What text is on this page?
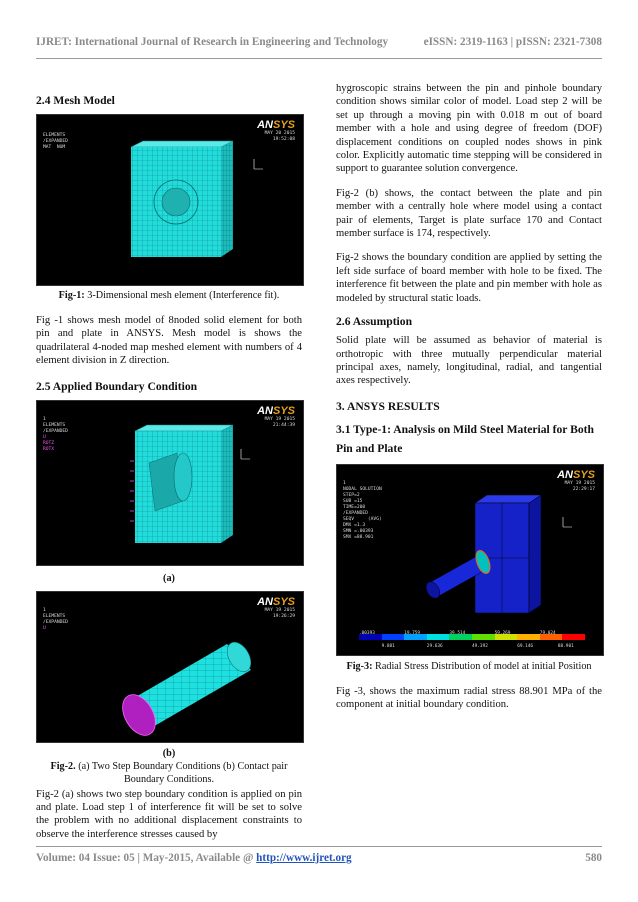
IJRET: International Journal of Research in Engineering and Technology	eISSN: 2319-1163 | pISSN: 2321-7308
2.4 Mesh Model
ANSYS

ELEMENTS
/EXPANDED
MAT  NUM

MAY 20 2015
19:52:08
Fig-1: 3-Dimensional mesh element (Interference fit).

Fig -1 shows mesh model of 8noded solid element for both pin and plate in ANSYS. Mesh model is shows the quadrilateral 4-noded map meshed element with numbers of 4 element division in Z direction.

2.5 Applied Boundary Condition
ANSYS

1
ELEMENTS
/EXPANDED
U
ROTZ
ROTX

MAY 19 2015
21:44:39
(a)
ANSYS

1
ELEMENTS
/EXPANDED
U

MAY 19 2015
19:26:29
(b)
Fig-2. (a) Two Step Boundary Conditions (b) Contact pair Boundary Conditions.

Fig-2 (a) shows two step boundary condition is applied on pin and plate. Load step 1 of interference fit will be set to solve the problem with no additional displacement constraints to observe the interference stresses caused by

hygroscopic strains between the pin and pinhole boundary condition shows similar color of model. Load step 2 will be set up through a moving pin with 0.018 m out of board member with a hole and using degree of freedom (DOF) displacement conditions on coupled nodes shows in pink color. Explicitly automatic time stepping will be considered in support to guarantee solution convergence.

Fig-2 (b) shows, the contact between the plate and pin member with a centrally hole where model using a contact pair of elements, Target is plate surface 170 and Contact member surface is 174, respectively.

Fig-2 shows the boundary condition are applied by setting the left side surface of board member with hole to be fixed. The interference fit between the plate and pin member with hole as modeled by structural static loads.

2.6 Assumption

Solid plate will be assumed as behavior of material is orthotropic with three mutually perpendicular material principal axes, namely, longitudinal, radial, and tangential axes respectively.

3. ANSYS RESULTS
3.1 Type-1: Analysis on Mild Steel Material for Both Pin and Plate
ANSYS

1
NODAL SOLUTION
STEP=2
SUB =15
TIME=200
/EXPANDED
SEQV     (AVG)
DMX =1.3
SMN =.00393
SMX =88.901

MAY 19 2015
22:29:17
.00393	19.759	39.514	59.269	79.024
9.881	29.636	49.392	69.146	88.901
Fig-3: Radial Stress Distribution of model at initial Position

Fig -3, shows the maximum radial stress 88.901 MPa of the component at initial boundary condition.

Volume: 04 Issue: 05 | May-2015, Available @ http://www.ijret.org	580
